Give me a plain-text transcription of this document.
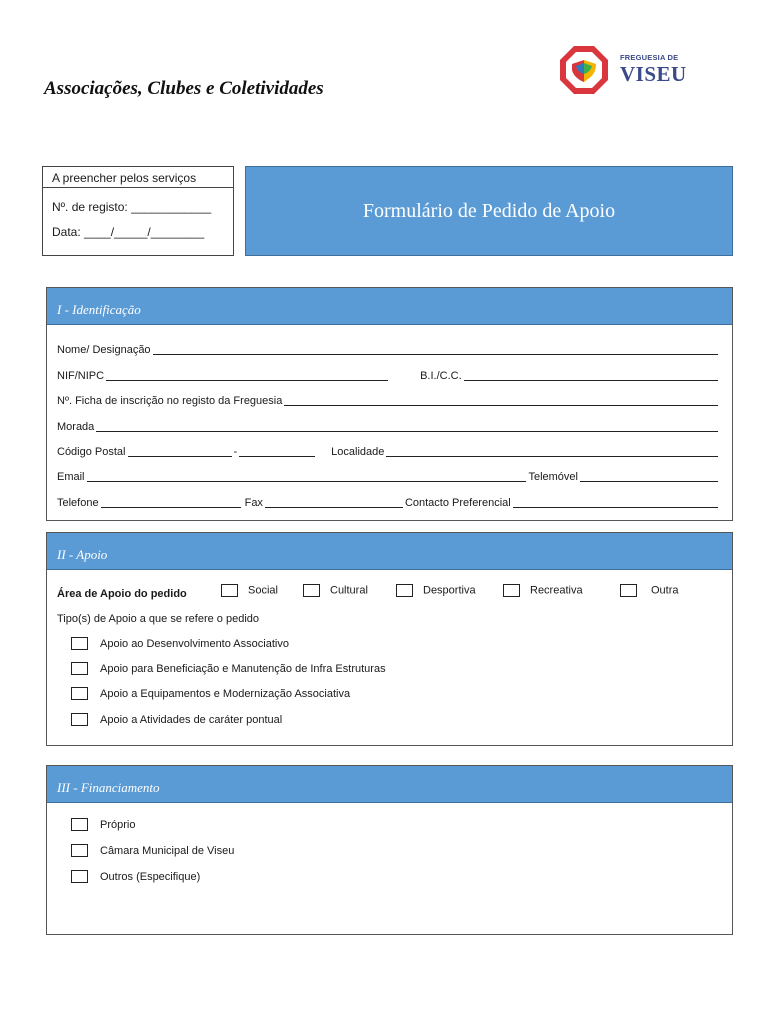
Associações, Clubes e Coletividades
FREGUESIA DE
VISEU
A preencher pelos serviços
Nº. de registo: ____________
Data: ____/_____/________
Formulário de Pedido de Apoio
I - Identificação
Nome/ Designação
NIF/NIPC	B.I./C.C.
Nº. Ficha de inscrição no registo da Freguesia
Morada
Código Postal	-	Localidade
Email	Telemóvel
Telefone	Fax	Contacto Preferencial
II - Apoio
Área de Apoio do pedido	Social	Cultural	Desportiva	Recreativa	Outra
Tipo(s) de Apoio a que se refere o pedido
Apoio ao Desenvolvimento Associativo
Apoio para Beneficiação e Manutenção de Infra Estruturas
Apoio a Equipamentos e Modernização Associativa
Apoio a Atividades de caráter pontual
III - Financiamento
Próprio
Câmara Municipal de Viseu
Outros (Especifique)
